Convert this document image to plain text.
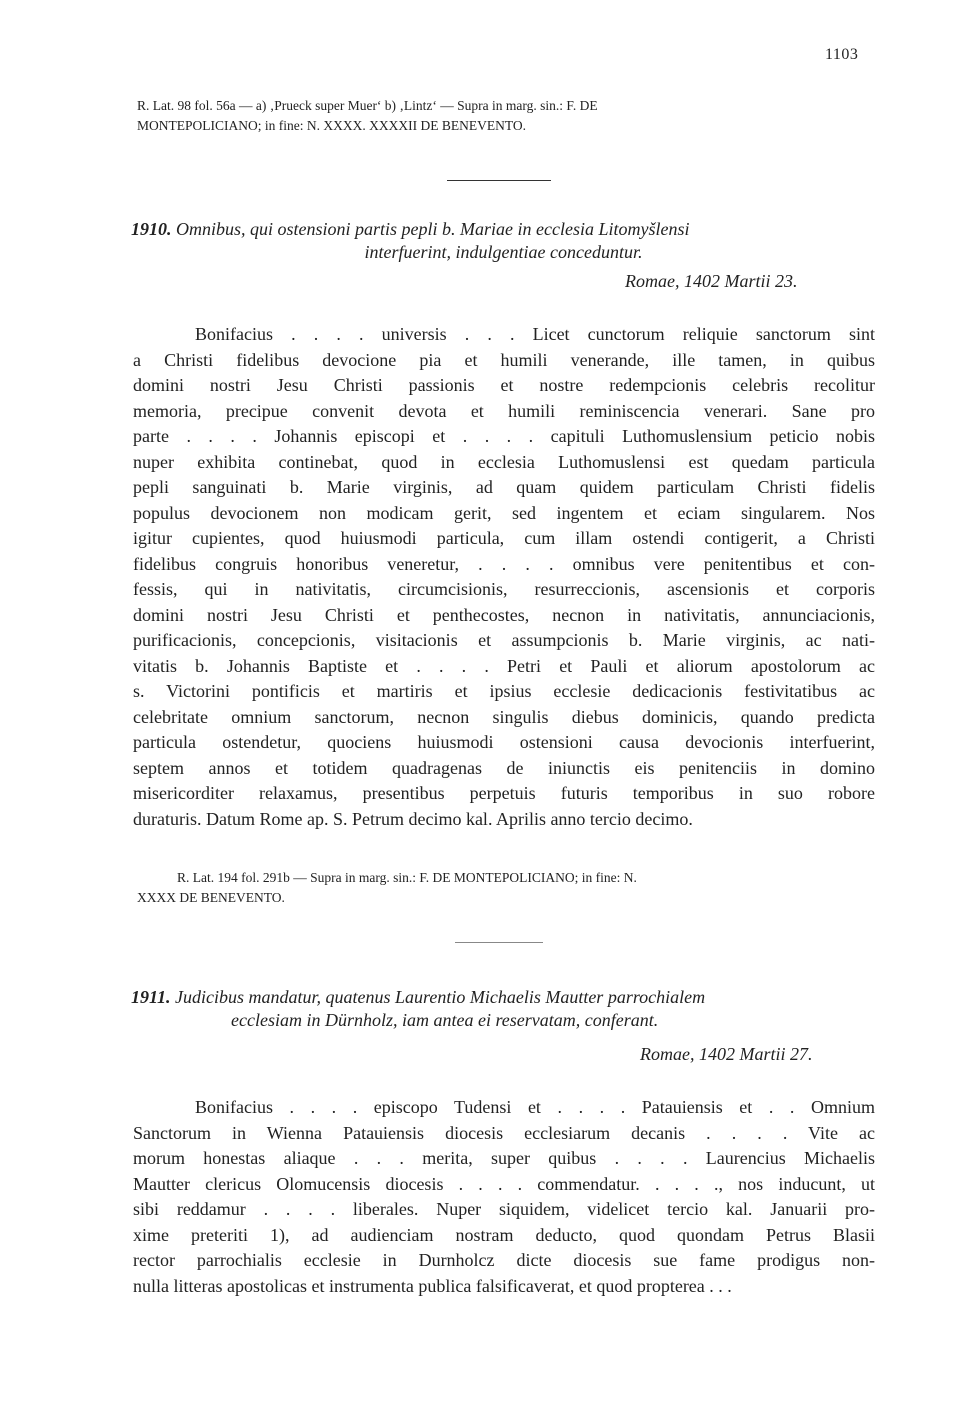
1103
R. Lat. 98 fol. 56a — a) ‚Prueck super Muer‘ b) ‚Lintz‘ — Supra in marg. sin.: F. DE
MONTEPOLICIANO; in fine: N. XXXX. XXXXII DE BENEVENTO.
1910. Omnibus, qui ostensioni partis pepli b. Mariae in ecclesia Litomyšlensi
interfuerint, indulgentiae conceduntur.
Romae, 1402 Martii 23.
Bonifacius . . . . universis . . . Licet cunctorum reliquie sanctorum sint
a Christi fidelibus devocione pia et humili venerande, ille tamen, in quibus
domini nostri Jesu Christi passionis et nostre redempcionis celebris recolitur
memoria, precipue convenit devota et humili reminiscencia venerari. Sane pro
parte . . . . Johannis episcopi et . . . . capituli Luthomuslensium peticio nobis
nuper exhibita continebat, quod in ecclesia Luthomuslensi est quedam particula
pepli sanguinati b. Marie virginis, ad quam quidem particulam Christi fidelis
populus devocionem non modicam gerit, sed ingentem et eciam singularem. Nos
igitur cupientes, quod huiusmodi particula, cum illam ostendi contigerit, a Christi
fidelibus congruis honoribus veneretur, . . . . omnibus vere penitentibus et con-
fessis, qui in nativitatis, circumcisionis, resurreccionis, ascensionis et corporis
domini nostri Jesu Christi et penthecostes, necnon in nativitatis, annunciacionis,
purificacionis, concepcionis, visitacionis et assumpcionis b. Marie virginis, ac nati-
vitatis b. Johannis Baptiste et . . . . Petri et Pauli et aliorum apostolorum ac
s. Victorini pontificis et martiris et ipsius ecclesie dedicacionis festivitatibus ac
celebritate omnium sanctorum, necnon singulis diebus dominicis, quando predicta
particula ostendetur, quociens huiusmodi ostensioni causa devocionis interfuerint,
septem annos et totidem quadragenas de iniunctis eis penitenciis in domino
misericorditer relaxamus, presentibus perpetuis futuris temporibus in suo robore
duraturis. Datum Rome ap. S. Petrum decimo kal. Aprilis anno tercio decimo.
R. Lat. 194 fol. 291b — Supra in marg. sin.: F. DE MONTEPOLICIANO; in fine: N.
XXXX DE BENEVENTO.
1911. Judicibus mandatur, quatenus Laurentio Michaelis Mautter parrochialem
ecclesiam in Dürnholz, iam antea ei reservatam, conferant.
Romae, 1402 Martii 27.
Bonifacius . . . . episcopo Tudensi et . . . . Patauiensis et . . Omnium
Sanctorum in Wienna Patauiensis diocesis ecclesiarum decanis . . . . Vite ac
morum honestas aliaque . . . merita, super quibus . . . . Laurencius Michaelis
Mautter clericus Olomucensis diocesis . . . . commendatur. . . . ., nos inducunt, ut
sibi reddamur . . . . liberales. Nuper siquidem, videlicet tercio kal. Januarii pro-
xime preteriti 1), ad audienciam nostram deducto, quod quondam Petrus Blasii
rector parrochialis ecclesie in Durnholcz dicte diocesis sue fame prodigus non-
nulla litteras apostolicas et instrumenta publica falsificaverat, et quod propterea . . .
